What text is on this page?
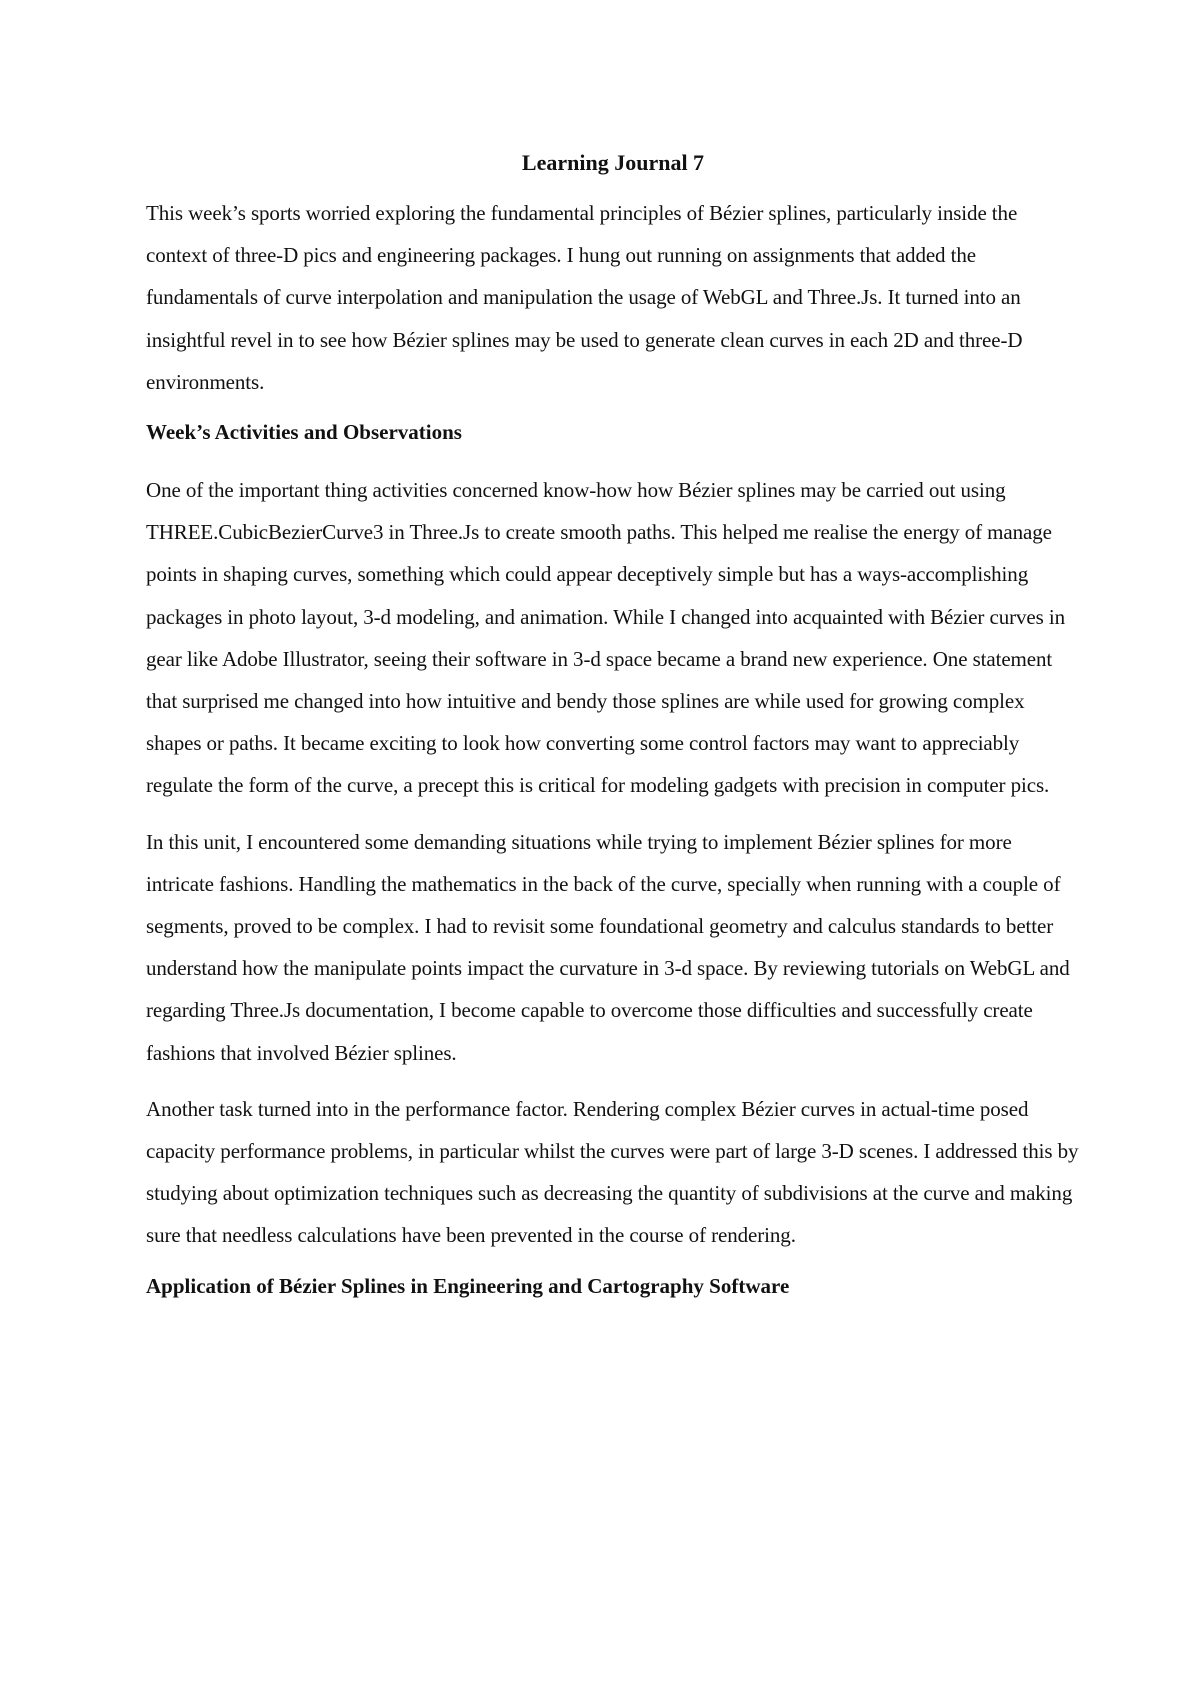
Learning Journal 7

This week’s sports worried exploring the fundamental principles of Bézier splines, particularly inside the context of three-D pics and engineering packages. I hung out running on assignments that added the fundamentals of curve interpolation and manipulation the usage of WebGL and Three.Js. It turned into an insightful revel in to see how Bézier splines may be used to generate clean curves in each 2D and three-D environments.

Week’s Activities and Observations

One of the important thing activities concerned know-how how Bézier splines may be carried out using THREE.CubicBezierCurve3 in Three.Js to create smooth paths. This helped me realise the energy of manage points in shaping curves, something which could appear deceptively simple but has a ways-accomplishing packages in photo layout, 3-d modeling, and animation. While I changed into acquainted with Bézier curves in gear like Adobe Illustrator, seeing their software in 3-d space became a brand new experience. One statement that surprised me changed into how intuitive and bendy those splines are while used for growing complex shapes or paths. It became exciting to look how converting some control factors may want to appreciably regulate the form of the curve, a precept this is critical for modeling gadgets with precision in computer pics.

In this unit, I encountered some demanding situations while trying to implement Bézier splines for more intricate fashions. Handling the mathematics in the back of the curve, specially when running with a couple of segments, proved to be complex. I had to revisit some foundational geometry and calculus standards to better understand how the manipulate points impact the curvature in 3-d space. By reviewing tutorials on WebGL and regarding Three.Js documentation, I become capable to overcome those difficulties and successfully create fashions that involved Bézier splines.

Another task turned into in the performance factor. Rendering complex Bézier curves in actual-time posed capacity performance problems, in particular whilst the curves were part of large 3-D scenes. I addressed this by studying about optimization techniques such as decreasing the quantity of subdivisions at the curve and making sure that needless calculations have been prevented in the course of rendering.

Application of Bézier Splines in Engineering and Cartography Software
